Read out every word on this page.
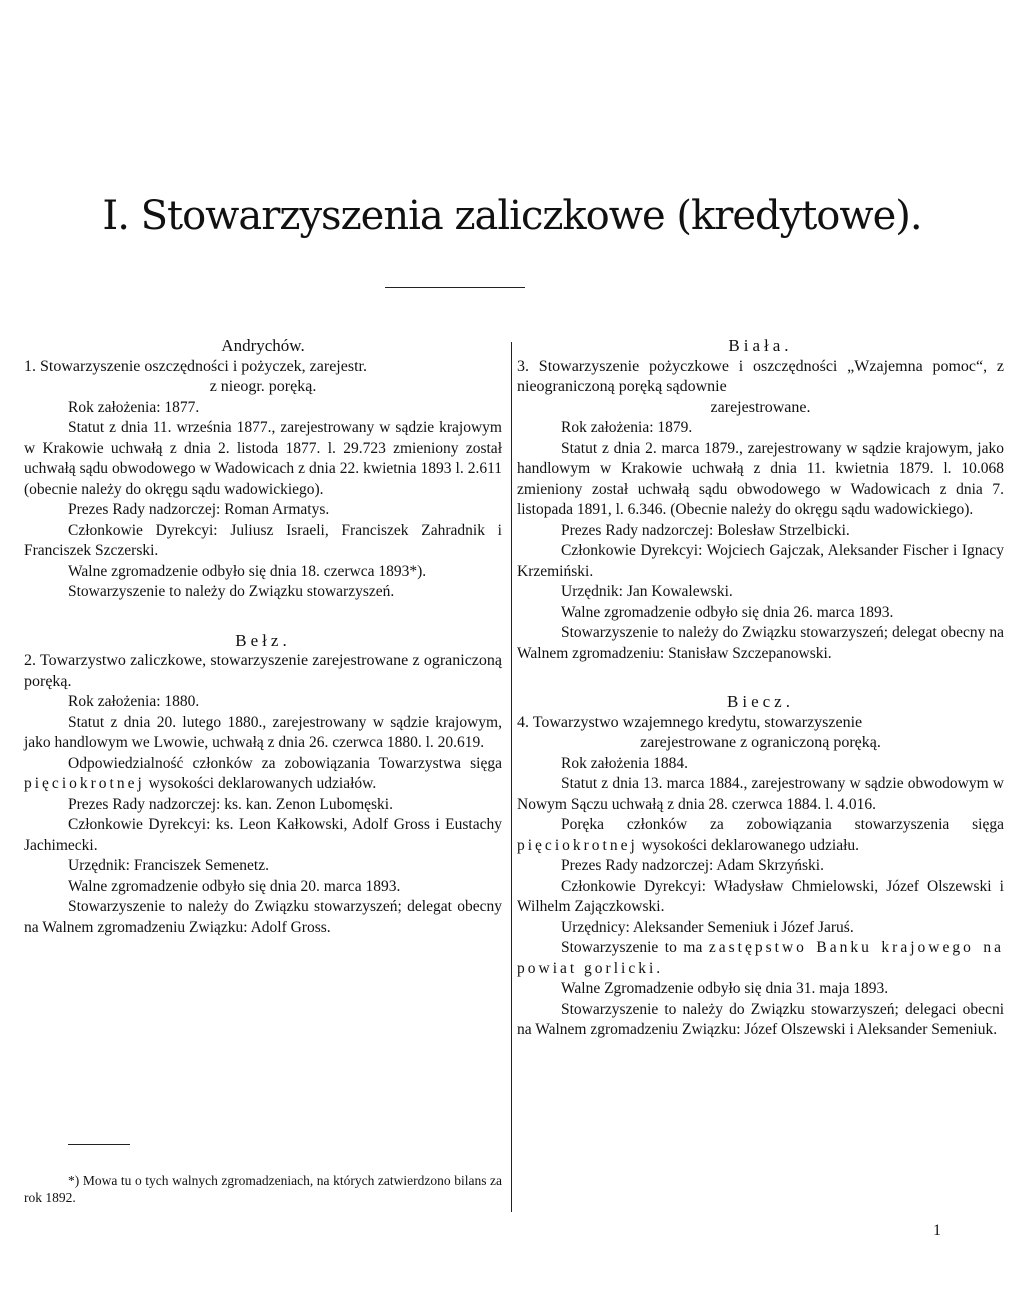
I. Stowarzyszenia zaliczkowe (kredytowe).

Andrychów.

1. Stowarzyszenie oszczędności i pożyczek, zarejestr.

z nieogr. poręką.

Rok założenia: 1877.

Statut z dnia 11. września 1877., zarejestrowany w sądzie krajowym w Krakowie uchwałą z dnia 2. listoda 1877. l. 29.723 zmieniony został uchwałą sądu obwodowego w Wadowicach z dnia 22. kwietnia 1893 l. 2.611 (obecnie należy do okręgu sądu wadowickiego).

Prezes Rady nadzorczej: Roman Armatys.

Członkowie Dyrekcyi: Juliusz Israeli, Franciszek Zahradnik i Franciszek Szczerski.

Walne zgromadzenie odbyło się dnia 18. czerwca 1893*).

Stowarzyszenie to należy do Związku stowarzyszeń.

Bełz.

2. Towarzystwo zaliczkowe, stowarzyszenie zarejestrowane z ograniczoną poręką.

Rok założenia: 1880.

Statut z dnia 20. lutego 1880., zarejestrowany w sądzie krajowym, jako handlowym we Lwowie, uchwałą z dnia 26. czerwca 1880. l. 20.619.

Odpowiedzialność członków za zobowiązania Towarzystwa sięga pięciokrotnej wysokości deklarowanych udziałów.

Prezes Rady nadzorczej: ks. kan. Zenon Lubomęski.

Członkowie Dyrekcyi: ks. Leon Kałkowski, Adolf Gross i Eustachy Jachimecki.

Urzędnik: Franciszek Semenetz.

Walne zgromadzenie odbyło się dnia 20. marca 1893.

Stowarzyszenie to należy do Związku stowarzyszeń; delegat obecny na Walnem zgromadzeniu Związku: Adolf Gross.

*) Mowa tu o tych walnych zgromadzeniach, na których zatwierdzono bilans za rok 1892.

Biała.

3. Stowarzyszenie pożyczkowe i oszczędności „Wzajemna pomoc“, z nieograniczoną poręką sądownie

zarejestrowane.

Rok założenia: 1879.

Statut z dnia 2. marca 1879., zarejestrowany w sądzie krajowym, jako handlowym w Krakowie uchwałą z dnia 11. kwietnia 1879. l. 10.068 zmieniony został uchwałą sądu obwodowego w Wadowicach z dnia 7. listopada 1891, l. 6.346. (Obecnie należy do okręgu sądu wadowickiego).

Prezes Rady nadzorczej: Bolesław Strzelbicki.

Członkowie Dyrekcyi: Wojciech Gajczak, Aleksander Fischer i Ignacy Krzemiński.

Urzędnik: Jan Kowalewski.

Walne zgromadzenie odbyło się dnia 26. marca 1893.

Stowarzyszenie to należy do Związku stowarzyszeń; delegat obecny na Walnem zgromadzeniu: Stanisław Szczepanowski.

Biecz.

4. Towarzystwo wzajemnego kredytu, stowarzyszenie

zarejestrowane z ograniczoną poręką.

Rok założenia 1884.

Statut z dnia 13. marca 1884., zarejestrowany w sądzie obwodowym w Nowym Sączu uchwałą z dnia 28. czerwca 1884. l. 4.016.

Poręka członków za zobowiązania stowarzyszenia sięga pięciokrotnej wysokości deklarowanego udziału.

Prezes Rady nadzorczej: Adam Skrzyński.

Członkowie Dyrekcyi: Władysław Chmielowski, Józef Olszewski i Wilhelm Zajączkowski.

Urzędnicy: Aleksander Semeniuk i Józef Jaruś.

Stowarzyszenie to ma zastępstwo Banku krajowego na powiat gorlicki.

Walne Zgromadzenie odbyło się dnia 31. maja 1893.

Stowarzyszenie to należy do Związku stowarzyszeń; delegaci obecni na Walnem zgromadzeniu Związku: Józef Olszewski i Aleksander Semeniuk.

1
